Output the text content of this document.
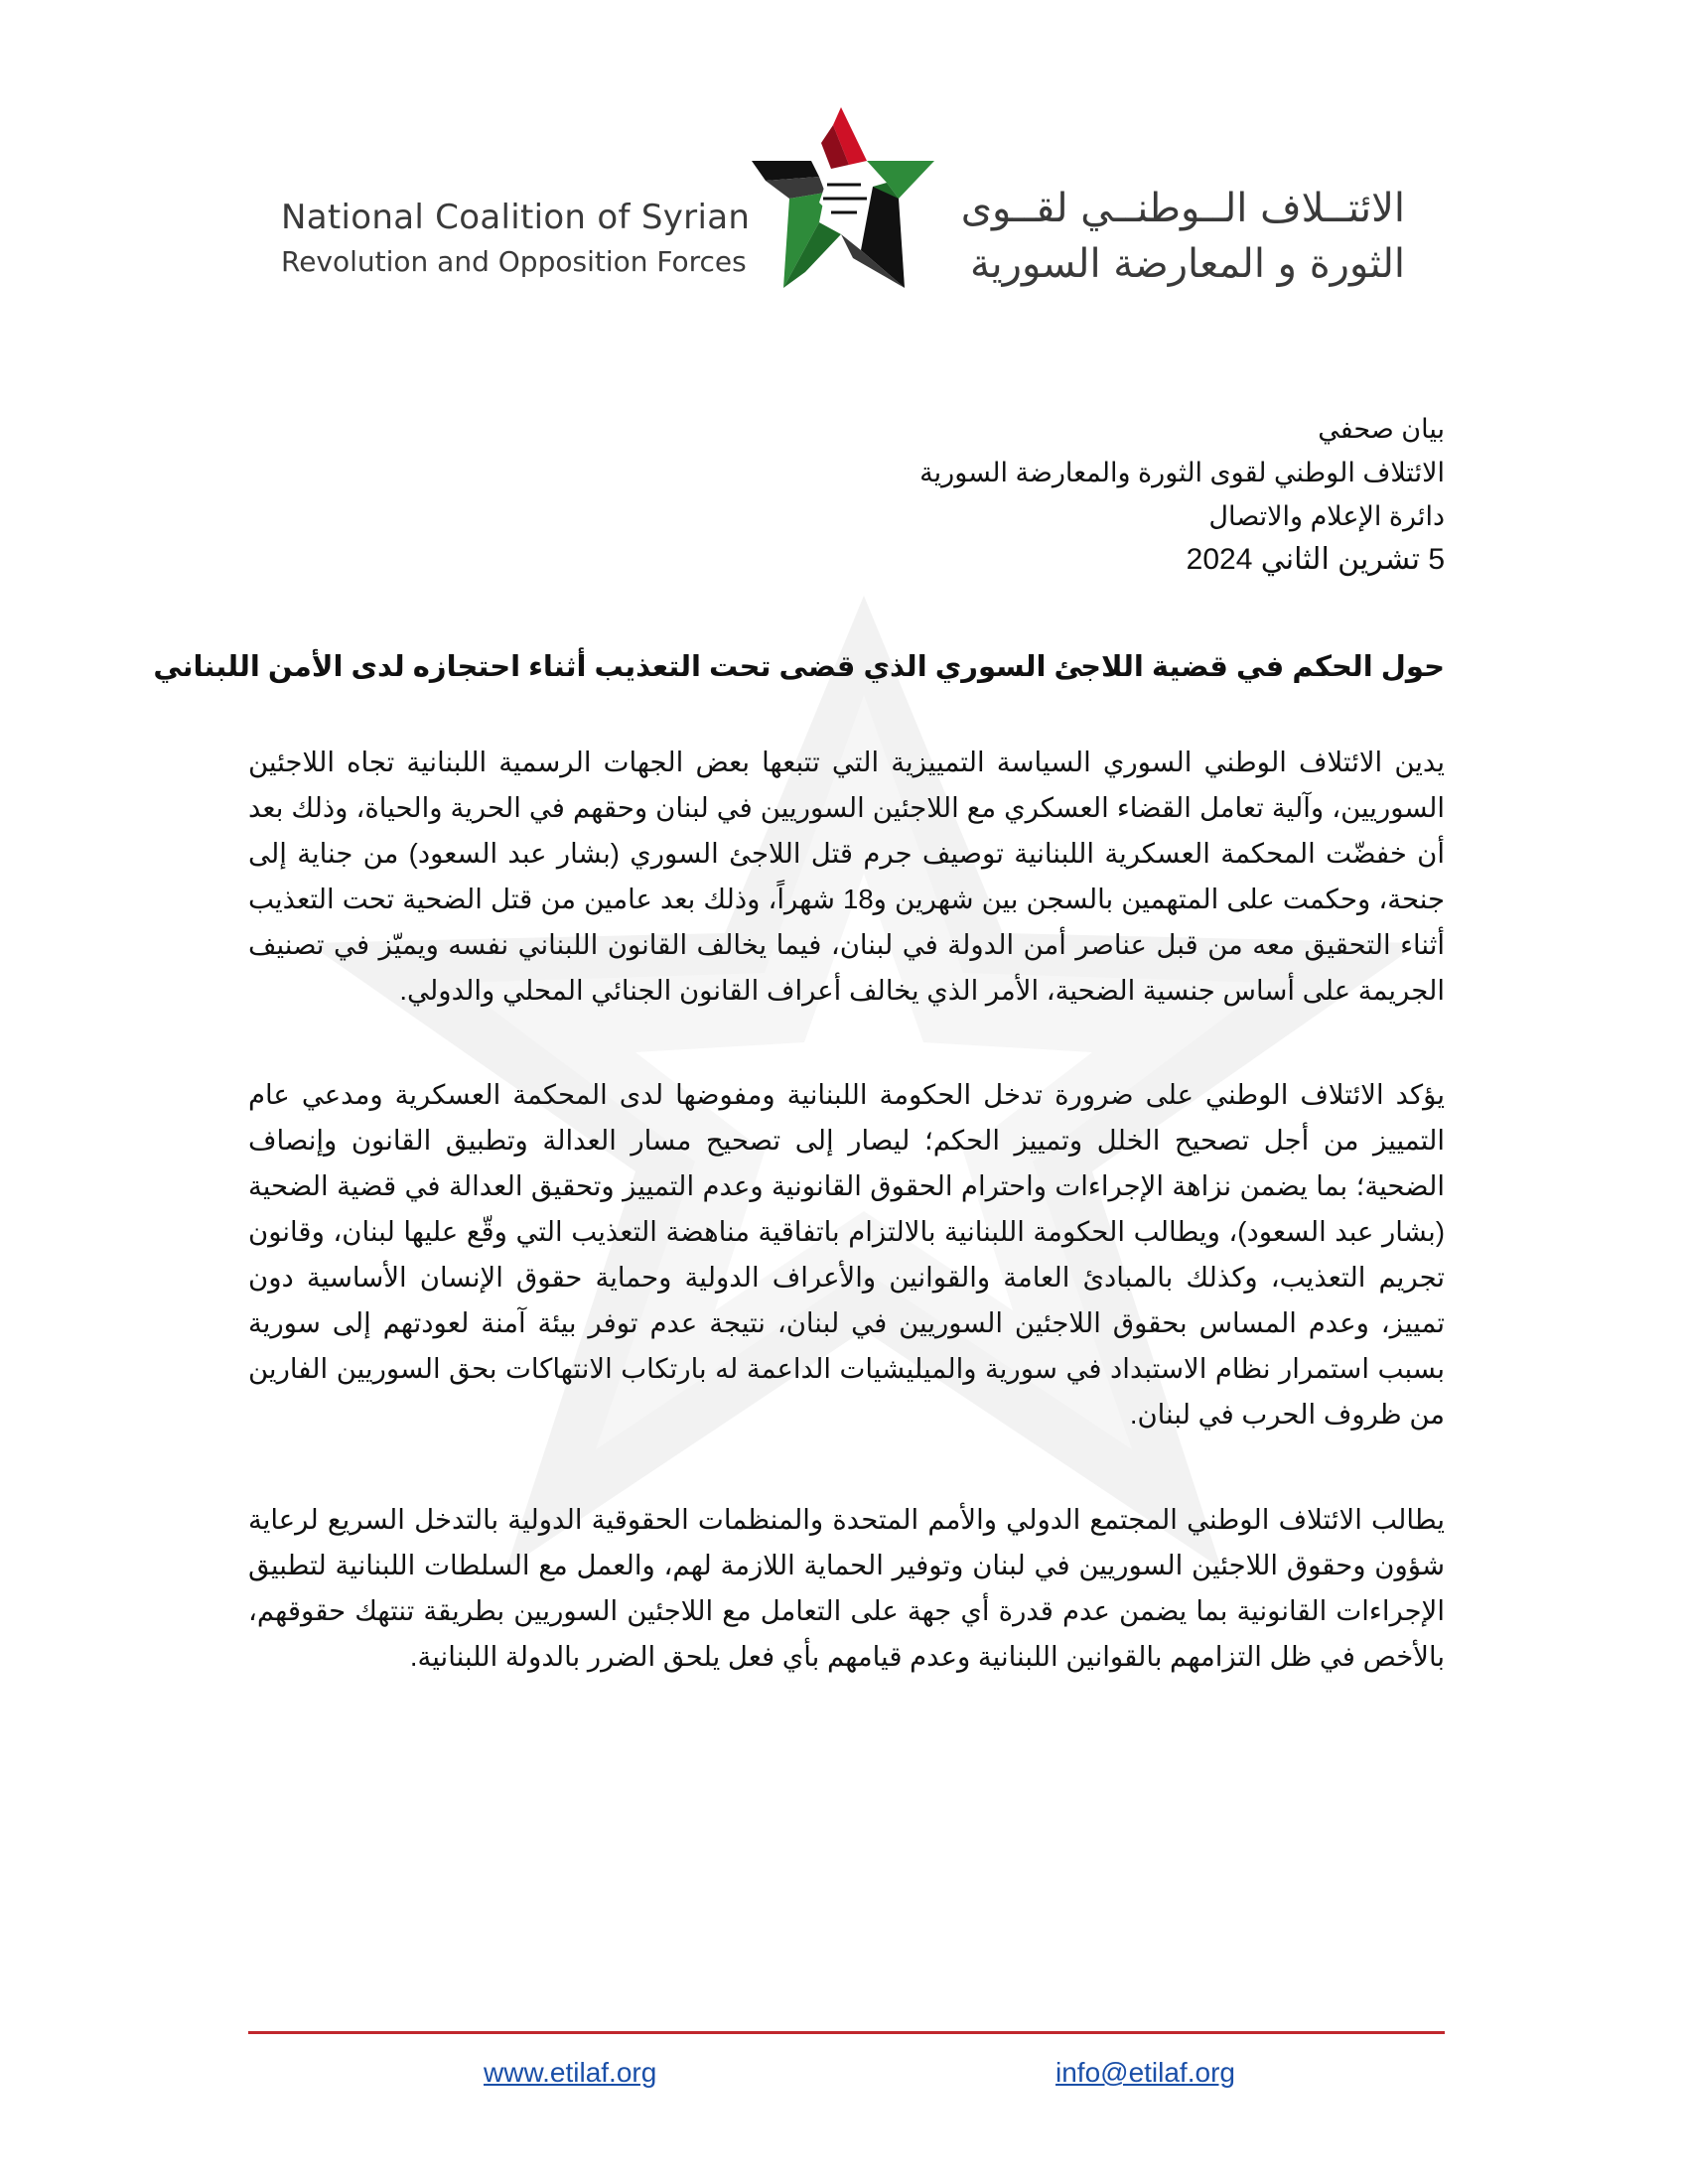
National Coalition of Syrian
Revolution and Opposition Forces
الائتــلاف الــوطنــي لقــوى
الثورة و المعارضة السورية
بيان صحفي
الائتلاف الوطني لقوى الثورة والمعارضة السورية
دائرة الإعلام والاتصال
5 تشرين الثاني 2024
حول الحكم في قضية اللاجئ السوري الذي قضى تحت التعذيب أثناء احتجازه لدى الأمن اللبناني
يدين الائتلاف الوطني السوري السياسة التمييزية التي تتبعها بعض الجهات الرسمية اللبنانية تجاه اللاجئين السوريين، وآلية تعامل القضاء العسكري مع اللاجئين السوريين في لبنان وحقهم في الحرية والحياة، وذلك بعد أن خفضّت المحكمة العسكرية اللبنانية توصيف جرم قتل اللاجئ السوري (بشار عبد السعود) من جناية إلى جنحة، وحكمت على المتهمين بالسجن بين شهرين و18 شهراً، وذلك بعد عامين من قتل الضحية تحت التعذيب أثناء التحقيق معه من قبل عناصر أمن الدولة في لبنان، فيما يخالف القانون اللبناني نفسه ويميّز في تصنيف الجريمة على أساس جنسية الضحية، الأمر الذي يخالف أعراف القانون الجنائي المحلي والدولي.
يؤكد الائتلاف الوطني على ضرورة تدخل الحكومة اللبنانية ومفوضها لدى المحكمة العسكرية ومدعي عام التمييز من أجل تصحيح الخلل وتمييز الحكم؛ ليصار إلى تصحيح مسار العدالة وتطبيق القانون وإنصاف الضحية؛ بما يضمن نزاهة الإجراءات واحترام الحقوق القانونية وعدم التمييز وتحقيق العدالة في قضية الضحية (بشار عبد السعود)، ويطالب الحكومة اللبنانية بالالتزام باتفاقية مناهضة التعذيب التي وقّع عليها لبنان، وقانون تجريم التعذيب، وكذلك بالمبادئ العامة والقوانين والأعراف الدولية وحماية حقوق الإنسان الأساسية دون تمييز، وعدم المساس بحقوق اللاجئين السوريين في لبنان، نتيجة عدم توفر بيئة آمنة لعودتهم إلى سورية بسبب استمرار نظام الاستبداد في سورية والميليشيات الداعمة له بارتكاب الانتهاكات بحق السوريين الفارين من ظروف الحرب في لبنان.
يطالب الائتلاف الوطني المجتمع الدولي والأمم المتحدة والمنظمات الحقوقية الدولية بالتدخل السريع لرعاية شؤون وحقوق اللاجئين السوريين في لبنان وتوفير الحماية اللازمة لهم، والعمل مع السلطات اللبنانية لتطبيق الإجراءات القانونية بما يضمن عدم قدرة أي جهة على التعامل مع اللاجئين السوريين بطريقة تنتهك حقوقهم، بالأخص في ظل التزامهم بالقوانين اللبنانية وعدم قيامهم بأي فعل يلحق الضرر بالدولة اللبنانية.
www.etilaf.org	info@etilaf.org
